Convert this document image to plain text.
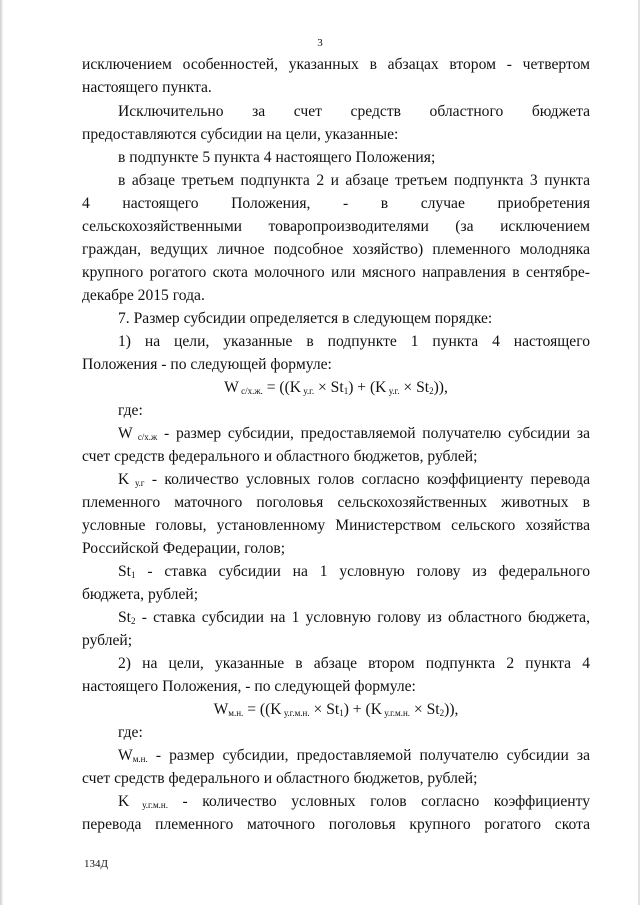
3
исключением особенностей, указанных в абзацах втором - четвертом
настоящего пункта.
Исключительно за счет средств областного бюджета
предоставляются субсидии на цели, указанные:
в подпункте 5 пункта 4 настоящего Положения;
в абзаце третьем подпункта 2 и абзаце третьем подпункта 3 пункта
4 настоящего Положения, - в случае приобретения
сельскохозяйственными товаропроизводителями (за исключением
граждан, ведущих личное подсобное хозяйство) племенного молодняка
крупного рогатого скота молочного или мясного направления в сентябре-
декабре 2015 года.
7. Размер субсидии определяется в следующем порядке:
1) на цели, указанные в подпункте 1 пункта 4 настоящего
Положения - по следующей формуле:
W $_{с/х.ж.}$ = ((K $_{у.г.} \times St_1) + (K$ $_{у.г.} \times St_2$)),
где:
W $_{с/х.ж}$ - размер субсидии, предоставляемой получателю субсидии за
счет средств федерального и областного бюджетов, рублей;
K $_{у.г}$ - количество условных голов согласно коэффициенту перевода
племенного маточного поголовья сельскохозяйственных животных в
условные головы, установленному Министерством сельского хозяйства
Российской Федерации, голов;
$St_1$ - ставка субсидии на 1 условную голову из федерального
бюджета, рублей;
$St_2$ - ставка субсидии на 1 условную голову из областного бюджета,
рублей;
2) на цели, указанные в абзаце втором подпункта 2 пункта 4
настоящего Положения, - по следующей формуле:
$W_{м.н.} = ((K$ $_{у.г.м.н.} \times St_1) + (K$ $_{у.г.м.н.} \times St_2$)),
где:
$W_{м.н.}$ - размер субсидии, предоставляемой получателю субсидии за
счет средств федерального и областного бюджетов, рублей;
K $_{у.г.м.н.}$ - количество условных голов согласно коэффициенту
перевода племенного маточного поголовья крупного рогатого скота
134Д
